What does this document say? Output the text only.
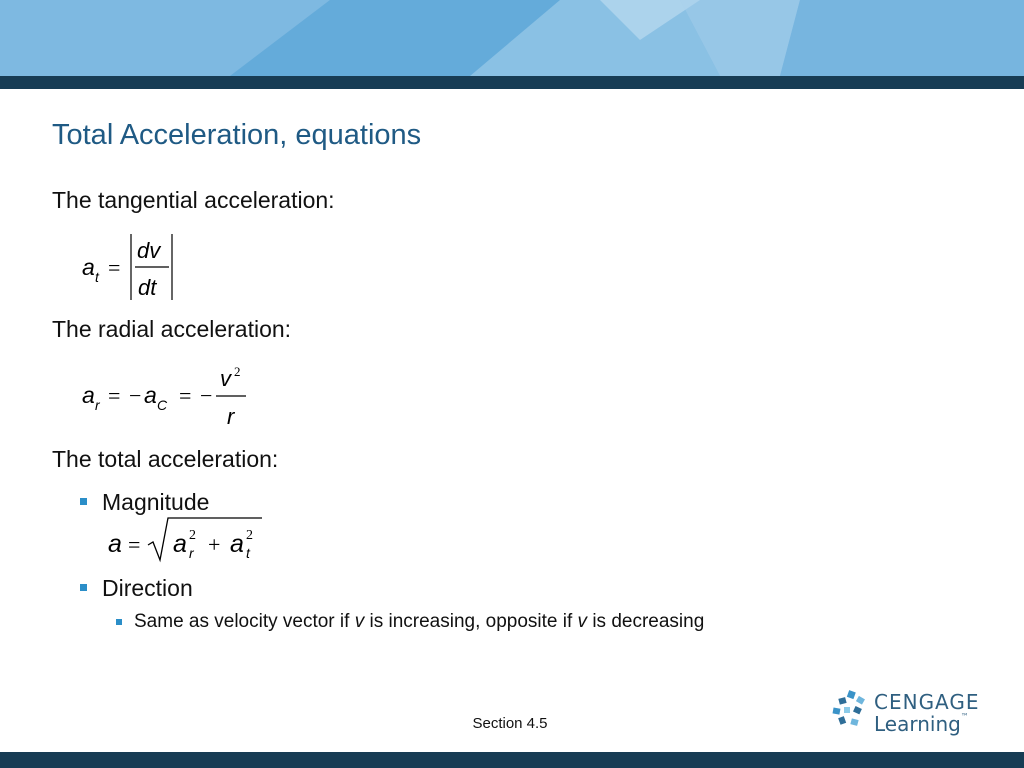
Total Acceleration, equations

The tangential acceleration:

a t =
dv
dt

The radial acceleration:

a r = − a C = −
v 2
r

The total acceleration:

Magnitude
a = a 2
r + a 2
t
Direction
Same as velocity vector if v is increasing, opposite if v is decreasing
Section 4.5
CENGAGE
Learning™
